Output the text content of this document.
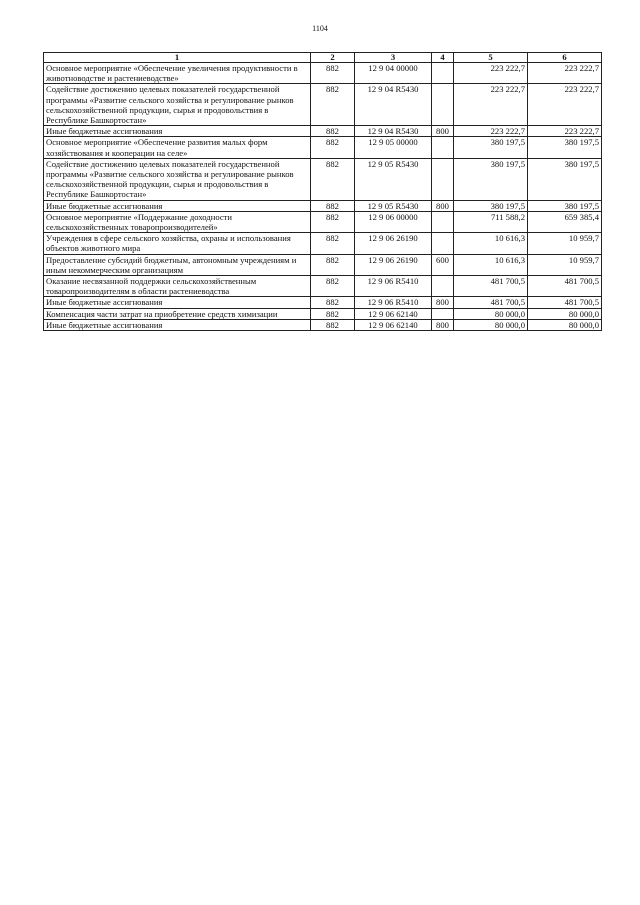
1104
1	2	3	4	5	6
Основное мероприятие «Обеспечение увеличения продуктивности в животноводстве и растениеводстве»	882	12 9 04 00000		223 222,7	223 222,7
Содействие достижению целевых показателей государственной программы «Развитие сельского хозяйства и регулирование рынков сельскохозяйственной продукции, сырья и продовольствия в Республике Башкортостан»	882	12 9 04 R5430		223 222,7	223 222,7
Иные бюджетные ассигнования	882	12 9 04 R5430	800	223 222,7	223 222,7
Основное мероприятие «Обеспечение развития малых форм хозяйствования и кооперации на селе»	882	12 9 05 00000		380 197,5	380 197,5
Содействие достижению целевых показателей государственной программы «Развитие сельского хозяйства и регулирование рынков сельскохозяйственной продукции, сырья и продовольствия в Республике Башкортостан»	882	12 9 05 R5430		380 197,5	380 197,5
Иные бюджетные ассигнования	882	12 9 05 R5430	800	380 197,5	380 197,5
Основное мероприятие «Поддержание доходности сельскохозяйственных товаропроизводителей»	882	12 9 06 00000		711 588,2	659 385,4
Учреждения в сфере сельского хозяйства, охраны и использования объектов животного мира	882	12 9 06 26190		10 616,3	10 959,7
Предоставление субсидий бюджетным, автономным учреждениям и иным некоммерческим организациям	882	12 9 06 26190	600	10 616,3	10 959,7
Оказание несвязанной поддержки сельскохозяйственным товаропроизводителям в области растениеводства	882	12 9 06 R5410		481 700,5	481 700,5
Иные бюджетные ассигнования	882	12 9 06 R5410	800	481 700,5	481 700,5
Компенсация части затрат на приобретение средств химизации	882	12 9 06 62140		80 000,0	80 000,0
Иные бюджетные ассигнования	882	12 9 06 62140	800	80 000,0	80 000,0
